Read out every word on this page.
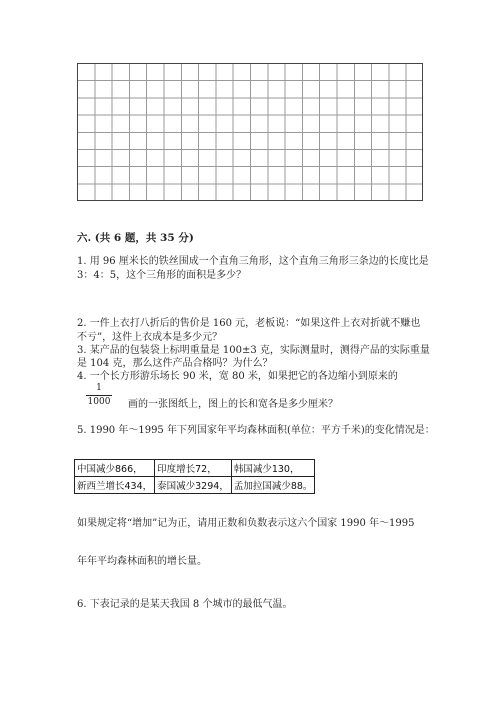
六. (共 6 题，共 35 分)
1. 用 96 厘米长的铁丝围成一个直角三角形，这个直角三角形三条边的长度比是
3：4：5，这个三角形的面积是多少？
2. 一件上衣打八折后的售价是 160 元，老板说：“如果这件上衣对折就不赚也
不亏”，这件上衣成本是多少元？
3. 某产品的包装袋上标明重量是 100±3 克，实际测量时，测得产品的实际重量
是 104 克，那么这件产品合格吗？为什么？
4. 一个长方形游乐场长 90 米，宽 80 米，如果把它的各边缩小到原来的
1
1000 画的一张图纸上，图上的长和宽各是多少厘米？
5. 1990 年～1995 年下列国家年平均森林面积(单位：平方千米)的变化情况是：
中国减少866，	印度增长72，	韩国减少130，
新西兰增长434，	泰国减少3294，	孟加拉国减少88。
如果规定将“增加”记为正，请用正数和负数表示这六个国家 1990 年～1995
年年平均森林面积的增长量。
6. 下表记录的是某天我国 8 个城市的最低气温。
